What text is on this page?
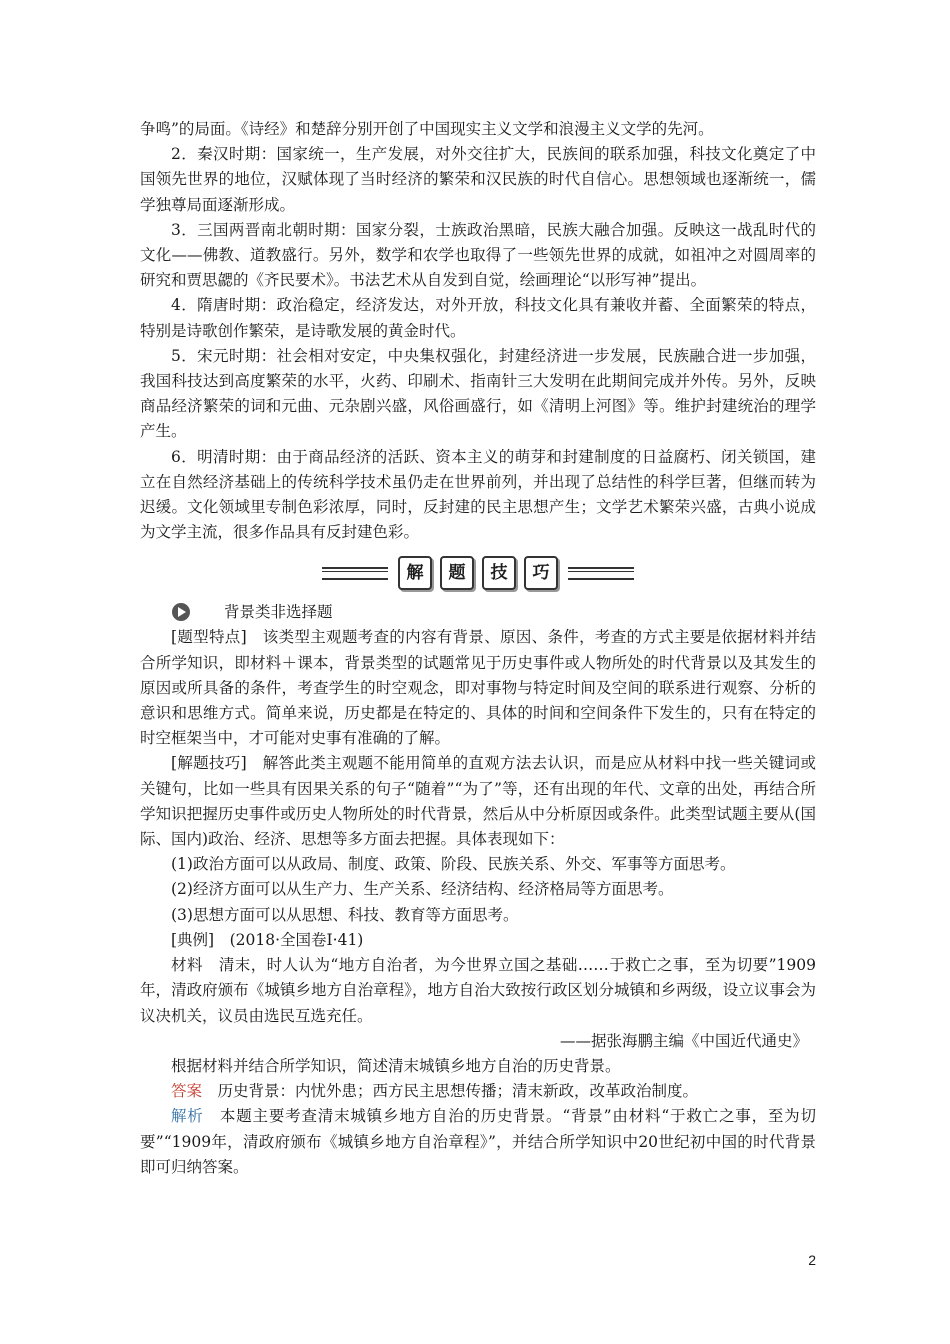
争鸣”的局面。《诗经》和楚辞分别开创了中国现实主义文学和浪漫主义文学的先河。

2．秦汉时期：国家统一，生产发展，对外交往扩大，民族间的联系加强，科技文化奠定了中国领先世界的地位，汉赋体现了当时经济的繁荣和汉民族的时代自信心。思想领域也逐渐统一，儒学独尊局面逐渐形成。

3．三国两晋南北朝时期：国家分裂，士族政治黑暗，民族大融合加强。反映这一战乱时代的文化——佛教、道教盛行。另外，数学和农学也取得了一些领先世界的成就，如祖冲之对圆周率的研究和贾思勰的《齐民要术》。书法艺术从自发到自觉，绘画理论“以形写神”提出。

4．隋唐时期：政治稳定，经济发达，对外开放，科技文化具有兼收并蓄、全面繁荣的特点，特别是诗歌创作繁荣，是诗歌发展的黄金时代。

5．宋元时期：社会相对安定，中央集权强化，封建经济进一步发展，民族融合进一步加强，我国科技达到高度繁荣的水平，火药、印刷术、指南针三大发明在此期间完成并外传。另外，反映商品经济繁荣的词和元曲、元杂剧兴盛，风俗画盛行，如《清明上河图》等。维护封建统治的理学产生。

6．明清时期：由于商品经济的活跃、资本主义的萌芽和封建制度的日益腐朽、闭关锁国，建立在自然经济基础上的传统科学技术虽仍走在世界前列，并出现了总结性的科学巨著，但继而转为迟缓。文化领域里专制色彩浓厚，同时，反封建的民主思想产生；文学艺术繁荣兴盛，古典小说成为文学主流，很多作品具有反封建色彩。

解	题	技	巧
背景类非选择题

[题型特点]　该类型主观题考查的内容有背景、原因、条件，考查的方式主要是依据材料并结合所学知识，即材料＋课本，背景类型的试题常见于历史事件或人物所处的时代背景以及其发生的原因或所具备的条件，考查学生的时空观念，即对事物与特定时间及空间的联系进行观察、分析的意识和思维方式。简单来说，历史都是在特定的、具体的时间和空间条件下发生的，只有在特定的时空框架当中，才可能对史事有准确的了解。

[解题技巧]　解答此类主观题不能用简单的直观方法去认识，而是应从材料中找一些关键词或关键句，比如一些具有因果关系的句子“随着”“为了”等，还有出现的年代、文章的出处，再结合所学知识把握历史事件或历史人物所处的时代背景，然后从中分析原因或条件。此类型试题主要从(国际、国内)政治、经济、思想等多方面去把握。具体表现如下：

(1)政治方面可以从政局、制度、政策、阶段、民族关系、外交、军事等方面思考。

(2)经济方面可以从生产力、生产关系、经济结构、经济格局等方面思考。

(3)思想方面可以从思想、科技、教育等方面思考。

[典例]　(2018·全国卷Ⅰ·41)

材料　清末，时人认为“地方自治者，为今世界立国之基础……于救亡之事，至为切要”1909年，清政府颁布《城镇乡地方自治章程》，地方自治大致按行政区划分城镇和乡两级，设立议事会为议决机关，议员由选民互选充任。

——据张海鹏主编《中国近代通史》

根据材料并结合所学知识，简述清末城镇乡地方自治的历史背景。

答案　历史背景：内忧外患；西方民主思想传播；清末新政，改革政治制度。

解析　本题主要考查清末城镇乡地方自治的历史背景。“背景”由材料“于救亡之事，至为切要”“1909年，清政府颁布《城镇乡地方自治章程》”，并结合所学知识中20世纪初中国的时代背景即可归纳答案。

2
